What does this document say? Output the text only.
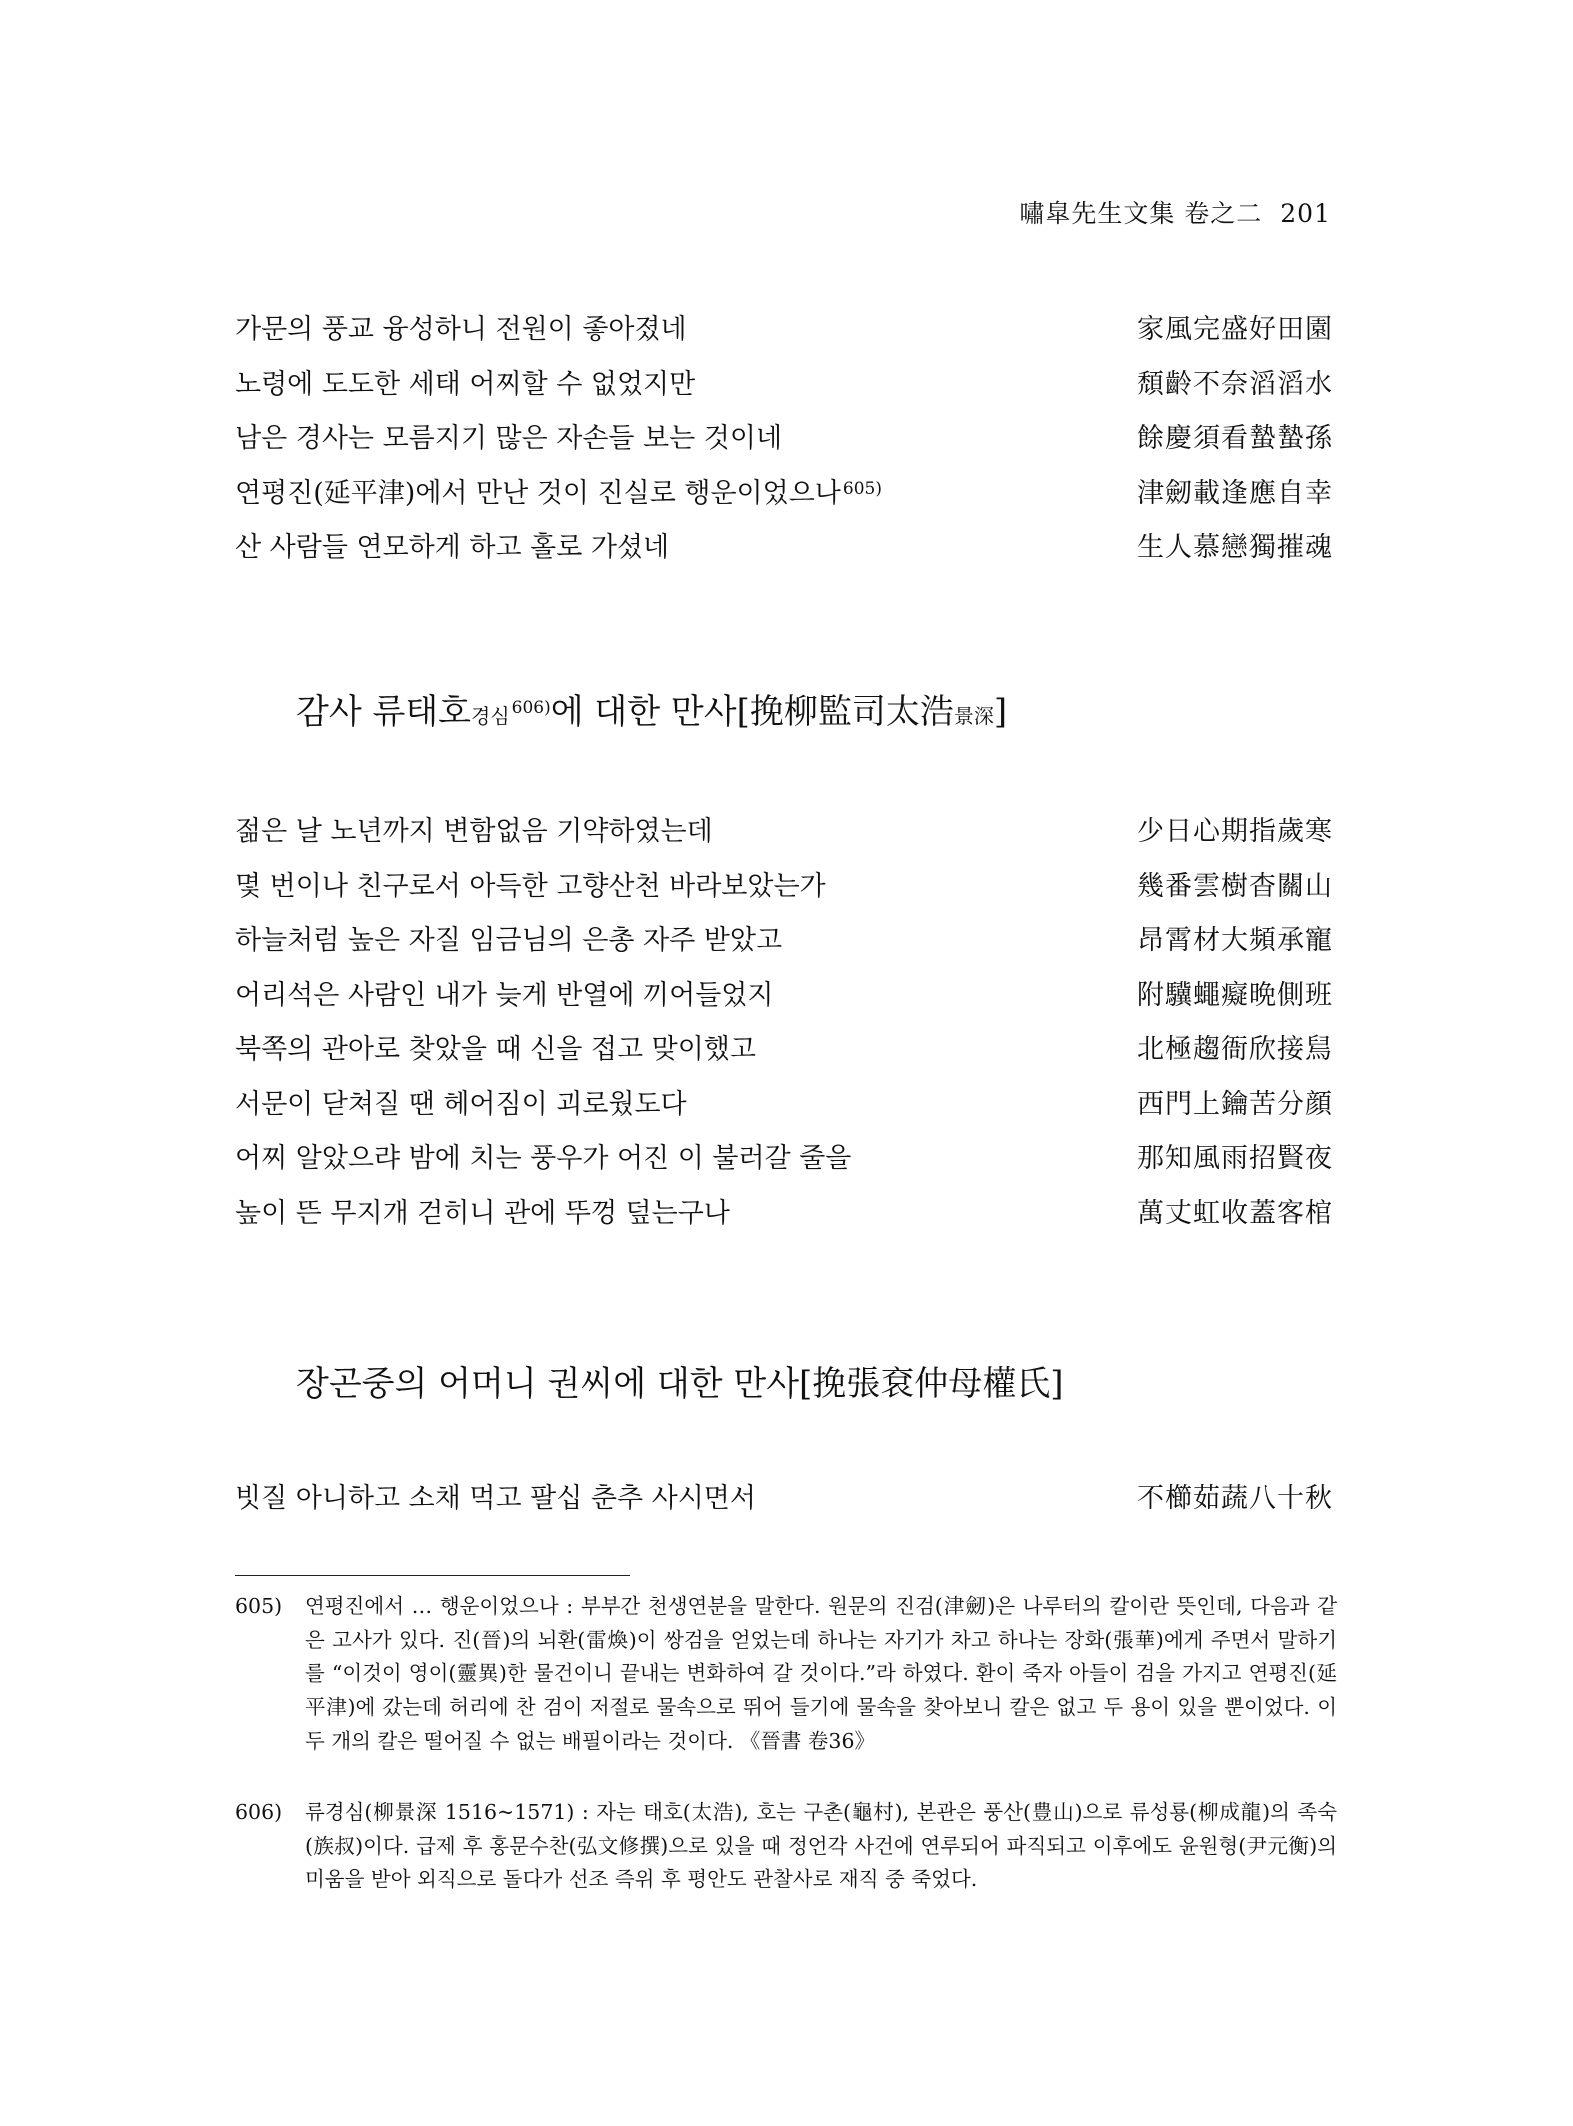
嘯皐先生文集 卷之二 201
가문의 풍교 융성하니 전원이 좋아졌네	家風完盛好田園
노령에 도도한 세태 어찌할 수 없었지만	頹齡不奈滔滔水
남은 경사는 모름지기 많은 자손들 보는 것이네	餘慶須看蟄蟄孫
연평진(延平津)에서 만난 것이 진실로 행운이었으나 $^{605)}$	津劒載逢應自幸
산 사람들 연모하게 하고 홀로 가셨네	生人慕戀獨摧魂
감사 류태호경심 $^{606)}$에 대한 만사[挽柳監司太浩景深]
젊은 날 노년까지 변함없음 기약하였는데	少日心期指歲寒
몇 번이나 친구로서 아득한 고향산천 바라보았는가	幾番雲樹杳關山
하늘처럼 높은 자질 임금님의 은총 자주 받았고	昂霄材大頻承寵
어리석은 사람인 내가 늦게 반열에 끼어들었지	附驥蠅癡晩側班
북쪽의 관아로 찾았을 때 신을 접고 맞이했고	北極趨衙欣接舃
서문이 닫쳐질 땐 헤어짐이 괴로웠도다	西門上鑰苦分顔
어찌 알았으랴 밤에 치는 풍우가 어진 이 불러갈 줄을	那知風雨招賢夜
높이 뜬 무지개 걷히니 관에 뚜껑 덮는구나	萬丈虹收蓋客棺
장곤중의 어머니 권씨에 대한 만사[挽張袞仲母權氏]
빗질 아니하고 소채 먹고 팔십 춘추 사시면서	不櫛茹蔬八十秋
605) 연평진에서 … 행운이었으나 : 부부간 천생연분을 말한다. 원문의 진검(津劒)은 나루터의 칼이란 뜻인데, 다음과 같은 고사가 있다. 진(晉)의 뇌환(雷煥)이 쌍검을 얻었는데 하나는 자기가 차고 하나는 장화(張華)에게 주면서 말하기를 “이것이 영이(靈異)한 물건이니 끝내는 변화하여 갈 것이다.”라 하였다. 환이 죽자 아들이 검을 가지고 연평진(延平津)에 갔는데 허리에 찬 검이 저절로 물속으로 뛰어 들기에 물속을 찾아보니 칼은 없고 두 용이 있을 뿐이었다. 이 두 개의 칼은 떨어질 수 없는 배필이라는 것이다. 《晉書 卷36》
606) 류경심(柳景深 1516~1571) : 자는 태호(太浩), 호는 구촌(龜村), 본관은 풍산(豊山)으로 류성룡(柳成龍)의 족숙(族叔)이다. 급제 후 홍문수찬(弘文修撰)으로 있을 때 정언각 사건에 연루되어 파직되고 이후에도 윤원형(尹元衡)의 미움을 받아 외직으로 돌다가 선조 즉위 후 평안도 관찰사로 재직 중 죽었다.
